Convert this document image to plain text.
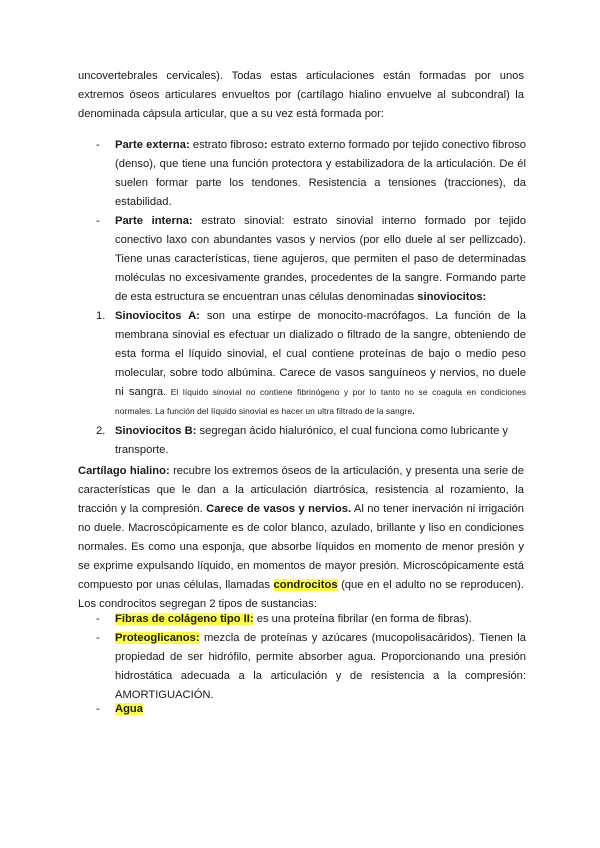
uncovertebrales cervicales). Todas estas articulaciones están formadas por unos extremos óseos articulares envueltos por (cartílago hialino envuelve al subcondral) la denominada cápsula articular, que a su vez está formada por:
- Parte externa: estrato fibroso: estrato externo formado por tejido conectivo fibroso (denso), que tiene una función protectora y estabilizadora de la articulación. De él suelen formar parte los tendones. Resistencia a tensiones (tracciones), da estabilidad.
- Parte interna: estrato sinovial: estrato sinovial interno formado por tejido conectivo laxo con abundantes vasos y nervios (por ello duele al ser pellizcado). Tiene unas características, tiene agujeros, que permiten el paso de determinadas moléculas no excesivamente grandes, procedentes de la sangre. Formando parte de esta estructura se encuentran unas células denominadas sinoviocitos:
1. Sinoviocitos A: son una estirpe de monocito-macrófagos. La función de la membrana sinovial es efectuar un dializado o filtrado de la sangre, obteniendo de esta forma el líquido sinovial, el cual contiene proteínas de bajo o medio peso molecular, sobre todo albúmina. Carece de vasos sanguíneos y nervios, no duele ni sangra. El líquido sinovial no contiene fibrinógeno y por lo tanto no se coagula en condiciones normales. La función del líquido sinovial es hacer un ultra filtrado de la sangre.
2. Sinoviocitos B: segregan ácido hialurónico, el cual funciona como lubricante y transporte.
Cartílago hialino: recubre los extremos óseos de la articulación, y presenta una serie de características que le dan a la articulación diartrósica, resistencia al rozamiento, la tracción y la compresión. Carece de vasos y nervios. Al no tener inervación ni irrigación no duele. Macroscópicamente es de color blanco, azulado, brillante y liso en condiciones normales. Es como una esponja, que absorbe líquidos en momento de menor presión y se exprime expulsando líquido, en momentos de mayor presión. Microscópicamente está compuesto por unas células, llamadas condrocitos (que en el adulto no se reproducen). Los condrocitos segregan 2 tipos de sustancias:
- Fibras de colágeno tipo II: es una proteína fibrilar (en forma de fibras).
- Proteoglicanos: mezcla de proteínas y azúcares (mucopolisacáridos). Tienen la propiedad de ser hidrófilo, permite absorber agua. Proporcionando una presión hidrostática adecuada a la articulación y de resistencia a la compresión: AMORTIGUACIÓN.
- Agua
